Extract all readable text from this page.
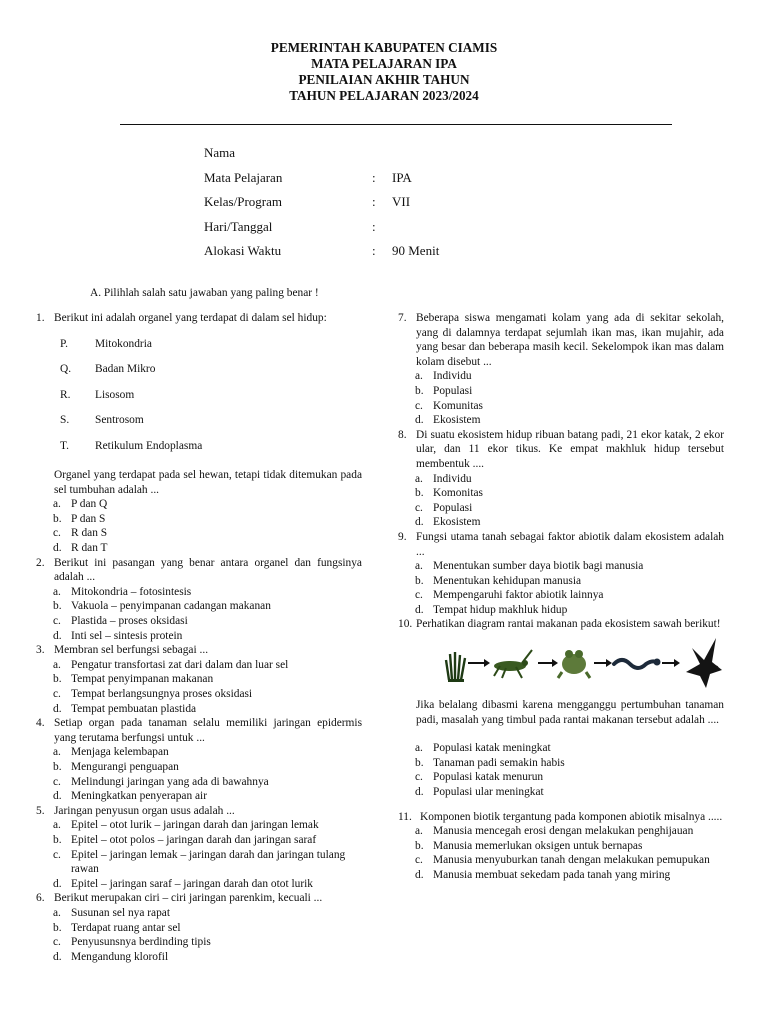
PEMERINTAH KABUPATEN CIAMIS
MATA PELAJARAN IPA
PENILAIAN AKHIR TAHUN
TAHUN PELAJARAN 2023/2024
Nama
Mata Pelajaran	: IPA
Kelas/Program	: VII
Hari/Tanggal	:
Alokasi Waktu	: 90 Menit
A. Pilihlah salah satu jawaban yang paling benar !
1. Berikut ini adalah organel yang terdapat di dalam sel hidup:
P. Mitokondria
Q. Badan Mikro
R. Lisosom
S. Sentrosom
T. Retikulum Endoplasma
Organel yang terdapat pada sel hewan, tetapi tidak ditemukan pada sel tumbuhan adalah ...
a. P dan Q
b. P dan S
c. R dan S
d. R dan T
2. Berikut ini pasangan yang benar antara organel dan fungsinya adalah ...
a. Mitokondria – fotosintesis
b. Vakuola – penyimpanan cadangan makanan
c. Plastida – proses oksidasi
d. Inti sel – sintesis protein
3. Membran sel berfungsi sebagai ...
a. Pengatur transfortasi zat dari dalam dan luar sel
b. Tempat penyimpanan makanan
c. Tempat berlangsungnya proses oksidasi
d. Tempat pembuatan plastida
4. Setiap organ pada tanaman selalu memiliki jaringan epidermis yang terutama berfungsi untuk ...
a. Menjaga kelembapan
b. Mengurangi penguapan
c. Melindungi jaringan yang ada di bawahnya
d. Meningkatkan penyerapan air
5. Jaringan penyusun organ usus adalah ...
a. Epitel – otot lurik – jaringan darah dan jaringan lemak
b. Epitel – otot polos – jaringan darah dan jaringan saraf
c. Epitel – jaringan lemak – jaringan darah dan jaringan tulang rawan
d. Epitel – jaringan saraf – jaringan darah dan otot lurik
6. Berikut merupakan ciri – ciri jaringan parenkim, kecuali ...
a. Susunan sel nya rapat
b. Terdapat ruang antar sel
c. Penyusunsnya berdinding tipis
d. Mengandung klorofil
7. Beberapa siswa mengamati kolam yang ada di sekitar sekolah, yang di dalamnya terdapat sejumlah ikan mas, ikan mujahir, ada yang besar dan beberapa masih kecil. Sekelompok ikan mas dalam kolam disebut ...
a. Individu
b. Populasi
c. Komunitas
d. Ekosistem
8. Di suatu ekosistem hidup ribuan batang padi, 21 ekor katak, 2 ekor ular, dan 11 ekor tikus. Ke empat makhluk hidup tersebut membentuk ....
a. Individu
b. Komonitas
c. Populasi
d. Ekosistem
9. Fungsi utama tanah sebagai faktor abiotik dalam ekosistem adalah ...
a. Menentukan sumber daya biotik bagi manusia
b. Menentukan kehidupan manusia
c. Mempengaruhi faktor abiotik lainnya
d. Tempat hidup makhluk hidup
10. Perhatikan diagram rantai makanan pada ekosistem sawah berikut!
Jika belalang dibasmi karena mengganggu pertumbuhan tanaman padi, masalah yang timbul pada rantai makanan tersebut adalah ....
a. Populasi katak meningkat
b. Tanaman padi semakin habis
c. Populasi katak menurun
d. Populasi ular meningkat
11. Komponen biotik tergantung pada komponen abiotik misalnya .....
a. Manusia mencegah erosi dengan melakukan penghijauan
b. Manusia memerlukan oksigen untuk bernapas
c. Manusia menyuburkan tanah dengan melakukan pemupukan
d. Manusia membuat sekedam pada tanah yang miring
